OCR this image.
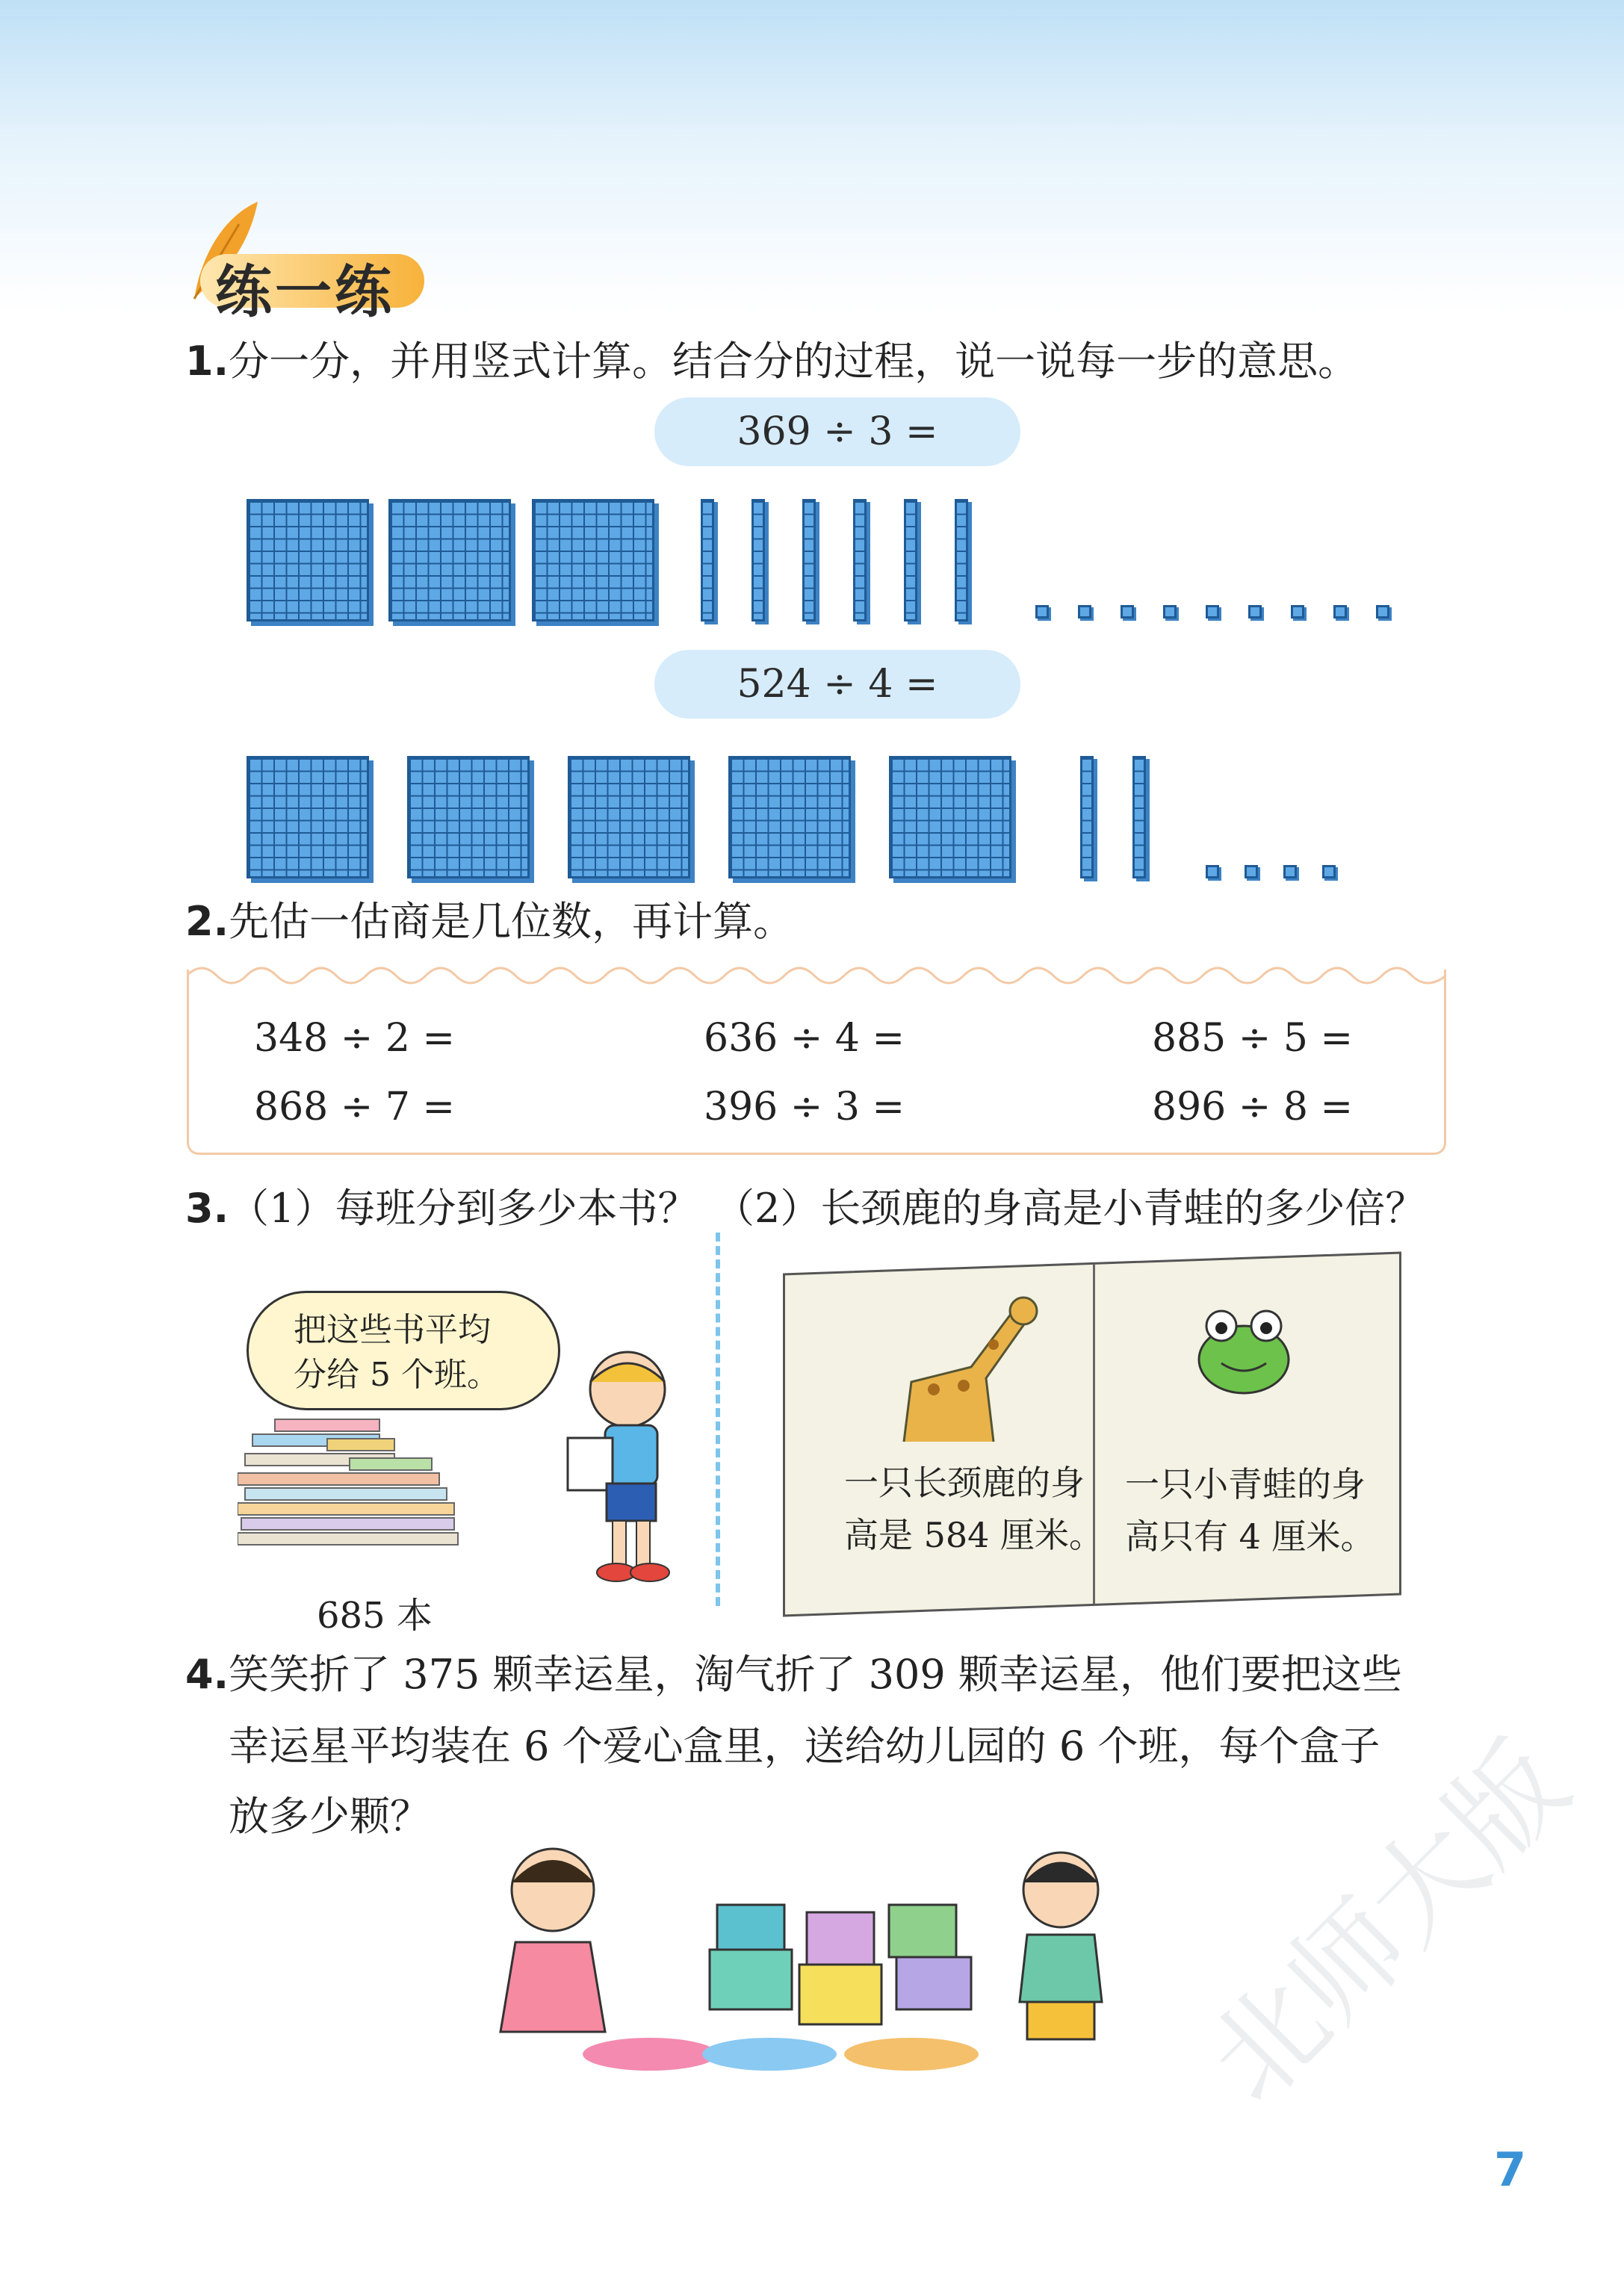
练一练
1.分一分，并用竖式计算。结合分的过程，说一说每一步的意思。
369 ÷ 3 =
524 ÷ 4 =
2.先估一估商是几位数，再计算。
348 ÷ 2 =	636 ÷ 4 =	885 ÷ 5 =
868 ÷ 7 =	396 ÷ 3 =	896 ÷ 8 =
3.（1）每班分到多少本书？ （2）长颈鹿的身高是小青蛙的多少倍？
把这些书平均
分给 5 个班。
685 本
一只长颈鹿的身
高是 584 厘米。
一只小青蛙的身
高只有 4 厘米。
4.笑笑折了 375 颗幸运星，淘气折了 309 颗幸运星，他们要把这些
幸运星平均装在 6 个爱心盒里，送给幼儿园的 6 个班，每个盒子
放多少颗？	北师大版
7
